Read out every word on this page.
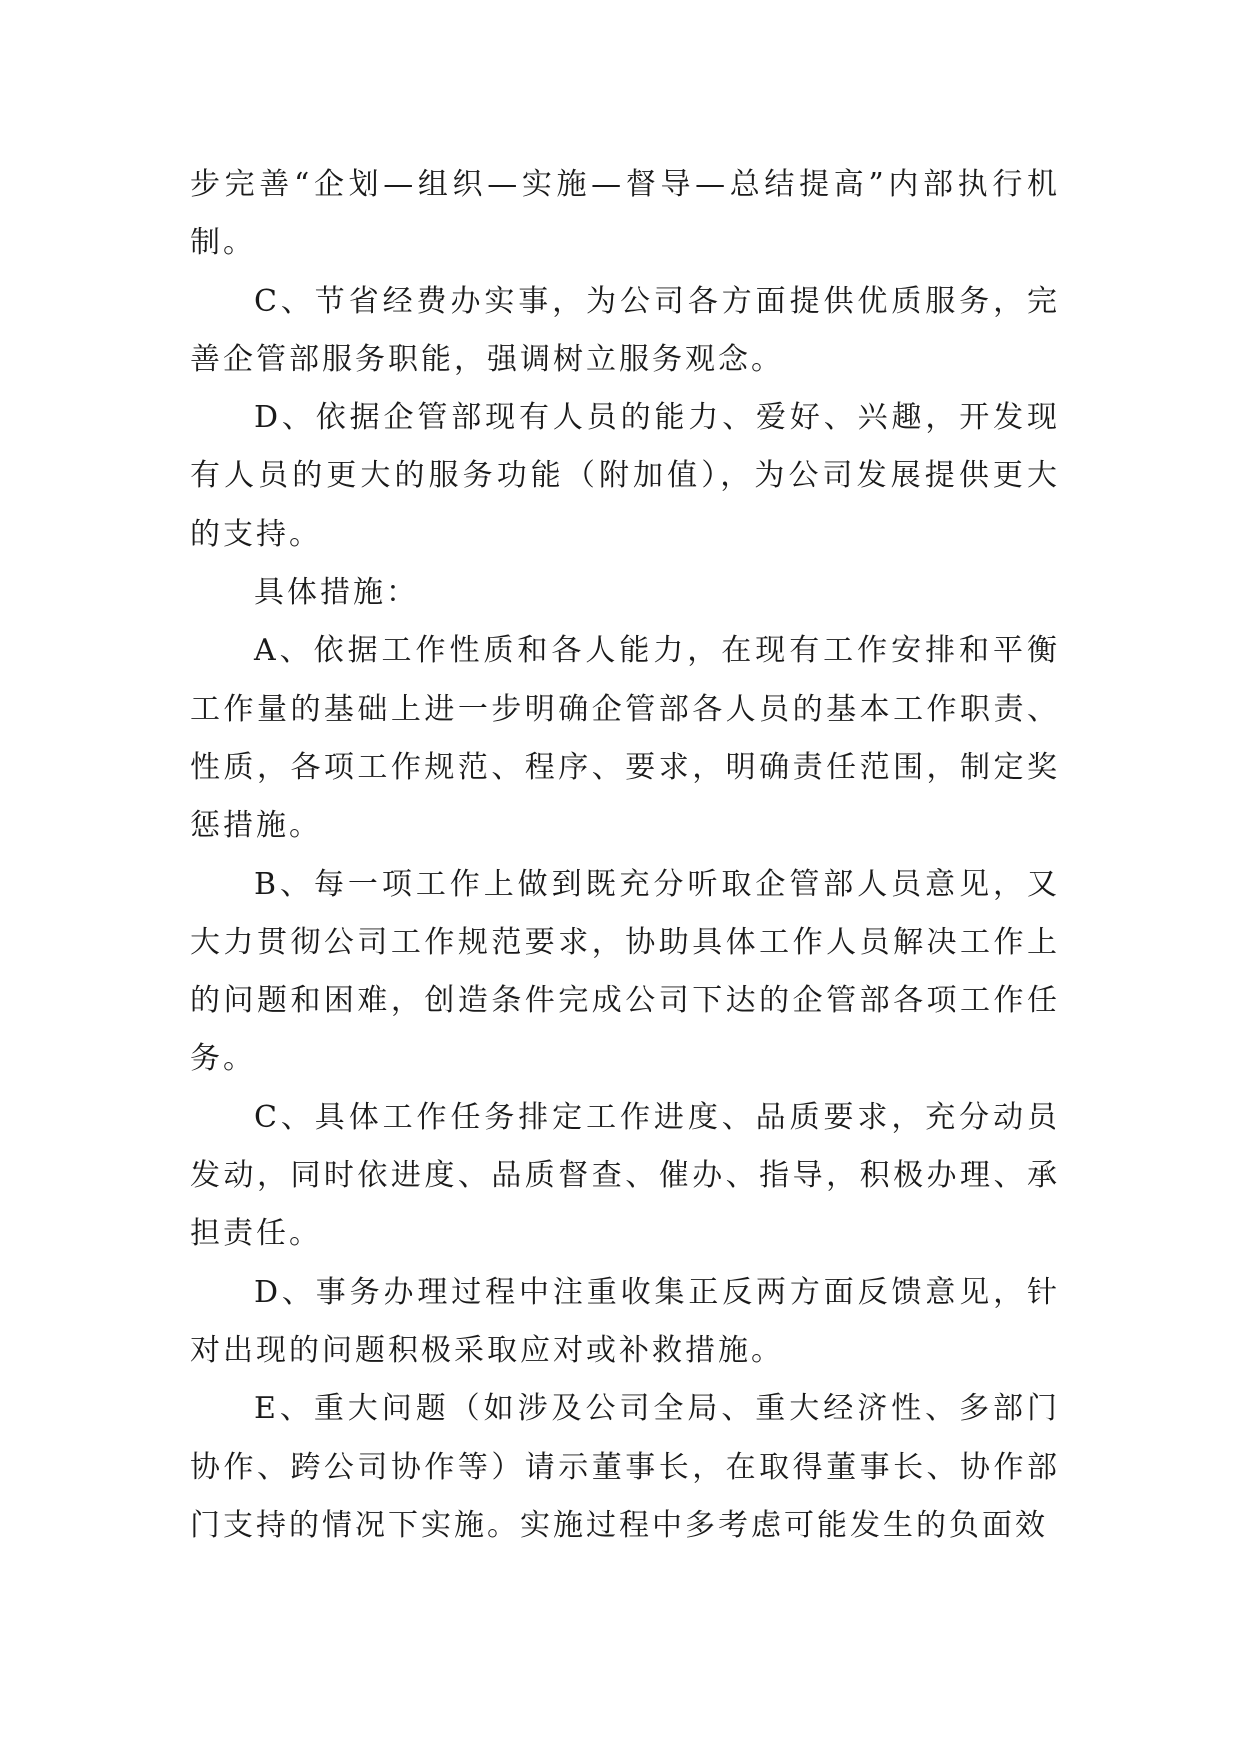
步完善“企划—组织—实施—督导—总结提高”内部执行机制。

C、节省经费办实事，为公司各方面提供优质服务，完善企管部服务职能，强调树立服务观念。

D、依据企管部现有人员的能力、爱好、兴趣，开发现有人员的更大的服务功能（附加值），为公司发展提供更大的支持。

具体措施：

A、依据工作性质和各人能力，在现有工作安排和平衡工作量的基础上进一步明确企管部各人员的基本工作职责、性质，各项工作规范、程序、要求，明确责任范围，制定奖惩措施。

B、每一项工作上做到既充分听取企管部人员意见，又大力贯彻公司工作规范要求，协助具体工作人员解决工作上的问题和困难，创造条件完成公司下达的企管部各项工作任务。

C、具体工作任务排定工作进度、品质要求，充分动员发动，同时依进度、品质督查、催办、指导，积极办理、承担责任。

D、事务办理过程中注重收集正反两方面反馈意见，针对出现的问题积极采取应对或补救措施。

E、重大问题（如涉及公司全局、重大经济性、多部门协作、跨公司协作等）请示董事长，在取得董事长、协作部门支持的情况下实施。实施过程中多考虑可能发生的负面效
